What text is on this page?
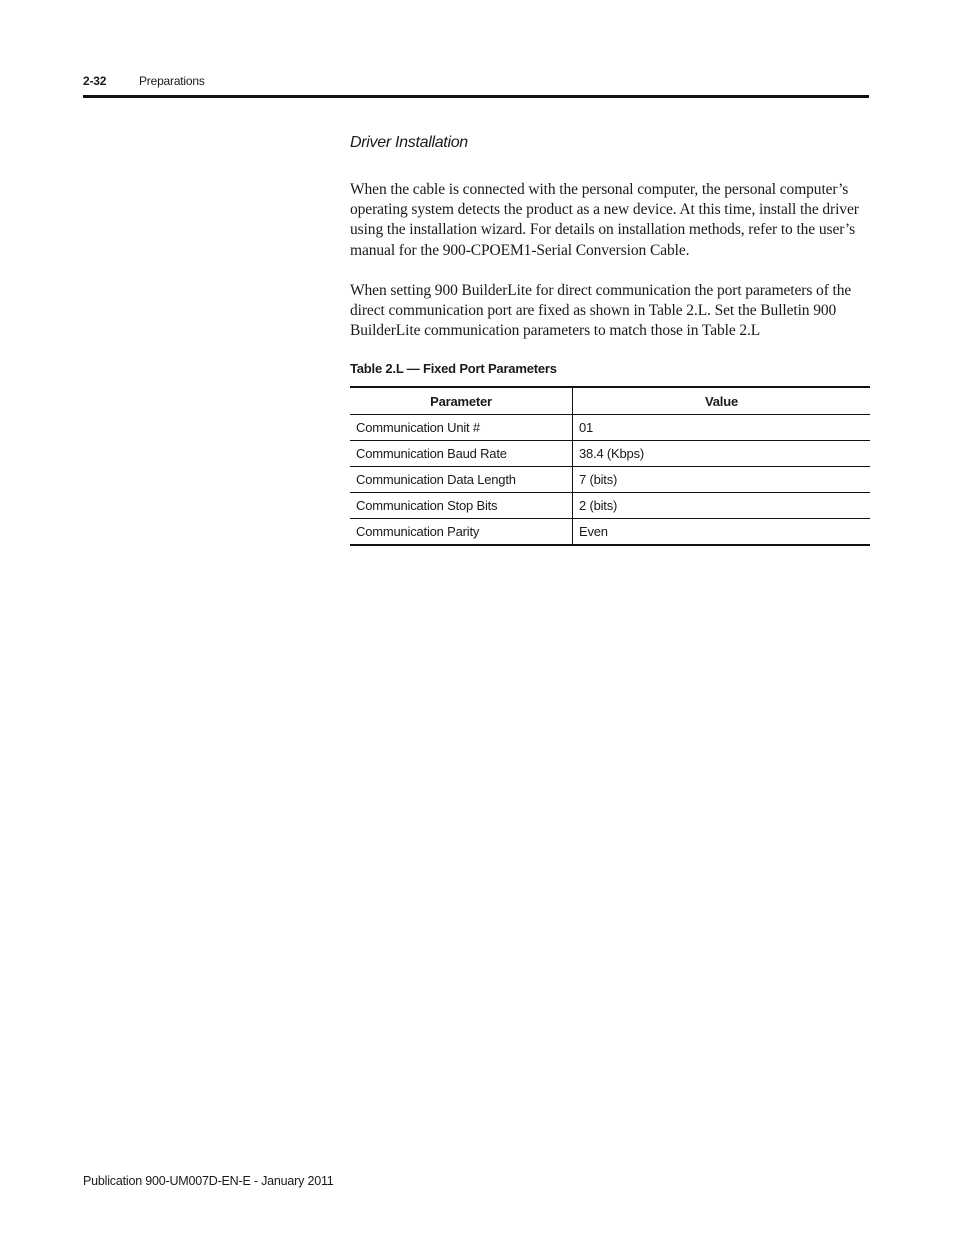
2-32	Preparations
Driver Installation

When the cable is connected with the personal computer, the personal computer’s operating system detects the product as a new device. At this time, install the driver using the installation wizard. For details on installation methods, refer to the user’s manual for the 900-CPOEM1-Serial Conversion Cable.

When setting 900 BuilderLite for direct communication the port parameters of the direct communication port are fixed as shown in Table 2.L. Set the Bulletin 900 BuilderLite communication parameters to match those in Table 2.L

Table 2.L — Fixed Port Parameters
Parameter	Value
Communication Unit #	01
Communication Baud Rate	38.4 (Kbps)
Communication Data Length	7 (bits)
Communication Stop Bits	2 (bits)
Communication Parity	Even
Publication 900-UM007D-EN-E - January 2011
